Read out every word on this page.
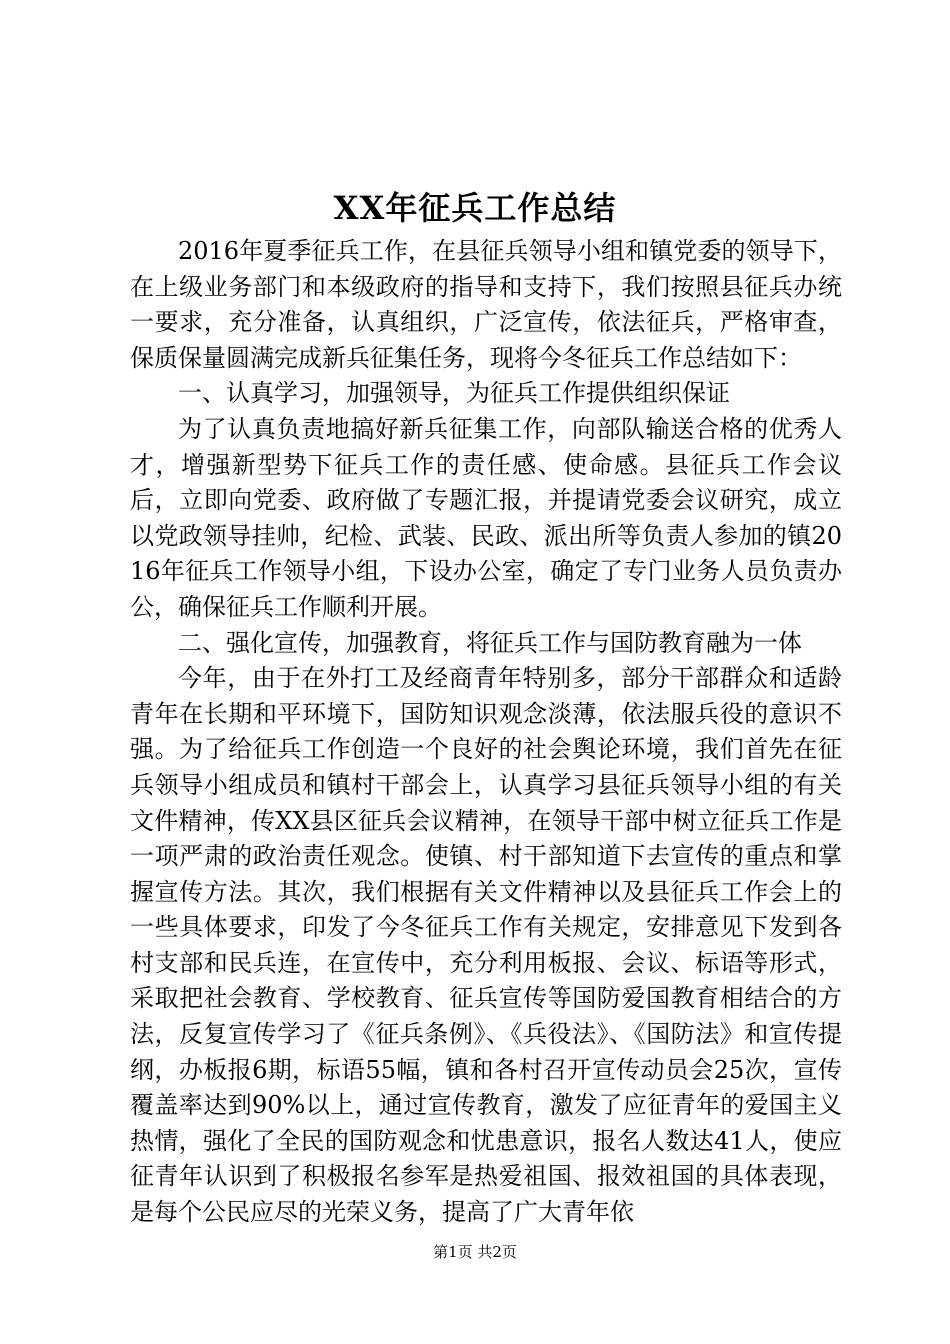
XX年征兵工作总结

2016年夏季征兵工作，在县征兵领导小组和镇党委的领导下，在上级业务部门和本级政府的指导和支持下，我们按照县征兵办统一要求，充分准备，认真组织，广泛宣传，依法征兵，严格审查，保质保量圆满完成新兵征集任务，现将今冬征兵工作总结如下：

一、认真学习，加强领导，为征兵工作提供组织保证

为了认真负责地搞好新兵征集工作，向部队输送合格的优秀人才，增强新型势下征兵工作的责任感、使命感。县征兵工作会议后，立即向党委、政府做了专题汇报，并提请党委会议研究，成立以党政领导挂帅，纪检、武装、民政、派出所等负责人参加的镇2016年征兵工作领导小组，下设办公室，确定了专门业务人员负责办公，确保征兵工作顺利开展。

二、强化宣传，加强教育，将征兵工作与国防教育融为一体

今年，由于在外打工及经商青年特别多，部分干部群众和适龄青年在长期和平环境下，国防知识观念淡薄，依法服兵役的意识不强。为了给征兵工作创造一个良好的社会舆论环境，我们首先在征兵领导小组成员和镇村干部会上，认真学习县征兵领导小组的有关文件精神，传XX县区征兵会议精神，在领导干部中树立征兵工作是一项严肃的政治责任观念。使镇、村干部知道下去宣传的重点和掌握宣传方法。其次，我们根据有关文件精神以及县征兵工作会上的一些具体要求，印发了今冬征兵工作有关规定，安排意见下发到各村支部和民兵连，在宣传中，充分利用板报、会议、标语等形式，采取把社会教育、学校教育、征兵宣传等国防爱国教育相结合的方法，反复宣传学习了《征兵条例》、《兵役法》、《国防法》和宣传提纲，办板报6期，标语55幅，镇和各村召开宣传动员会25次，宣传覆盖率达到90%以上，通过宣传教育，激发了应征青年的爱国主义热情，强化了全民的国防观念和忧患意识，报名人数达41人，使应征青年认识到了积极报名参军是热爱祖国、报效祖国的具体表现，是每个公民应尽的光荣义务，提高了广大青年依

第1页 共2页
